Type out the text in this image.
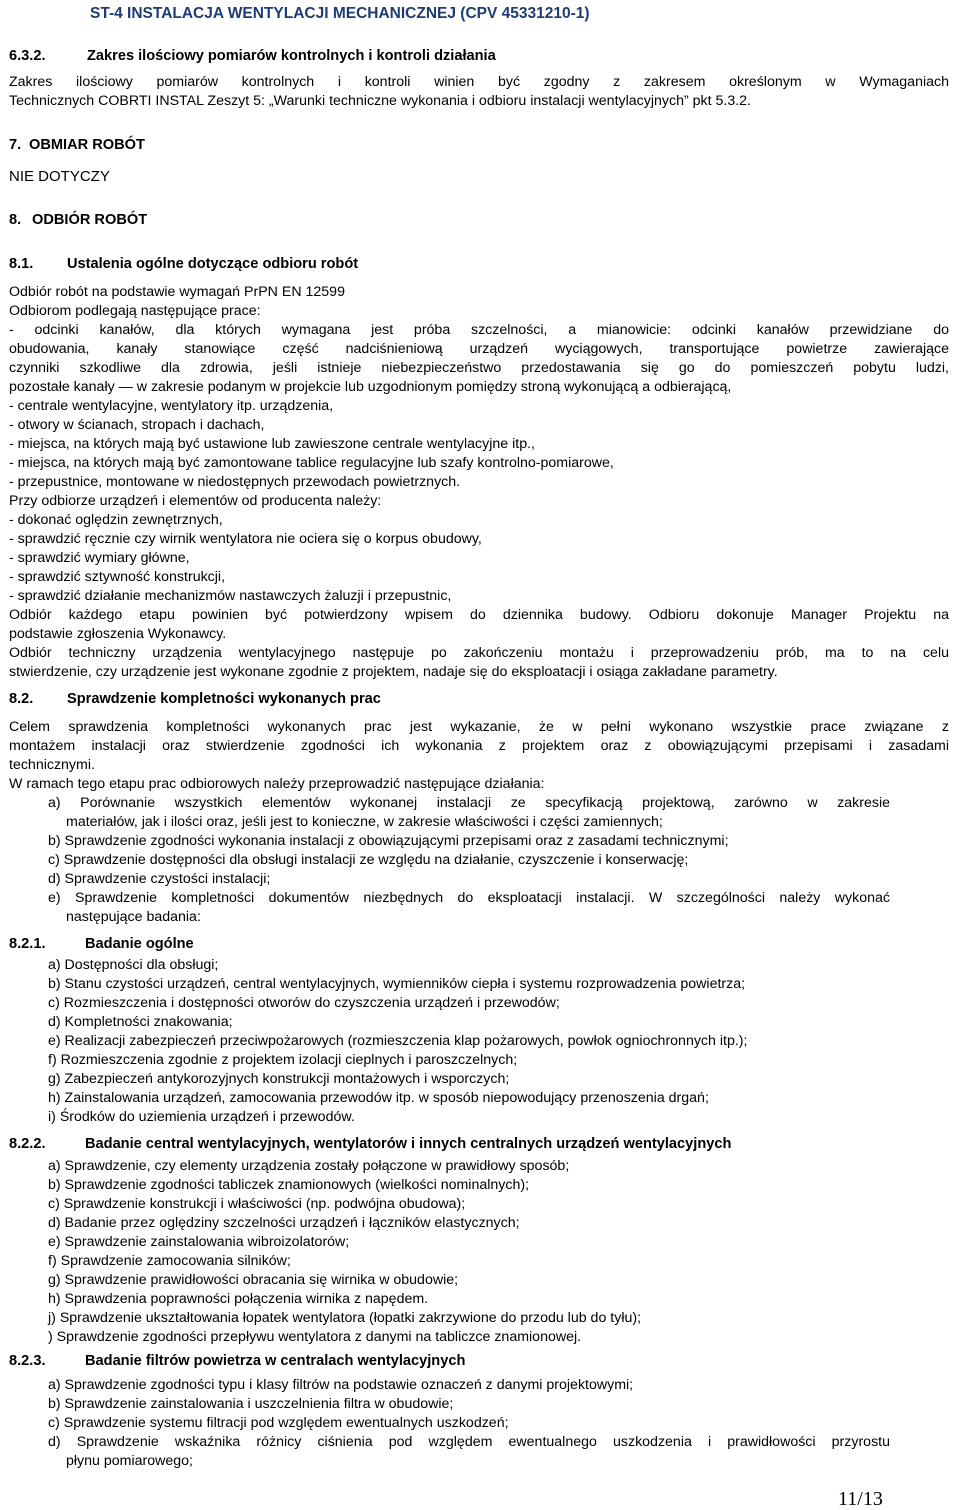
ST-4 INSTALACJA WENTYLACJI MECHANICZNEJ (CPV 45331210-1)
6.3.2.	Zakres ilościowy pomiarów kontrolnych i kontroli działania
Zakres ilościowy pomiarów kontrolnych i kontroli winien być zgodny z zakresem określonym w Wymaganiach
Technicznych COBRTI INSTAL Zeszyt 5: „Warunki techniczne wykonania i odbioru instalacji wentylacyjnych” pkt 5.3.2.
7. OBMIAR ROBÓT
NIE DOTYCZY
8. ODBIÓR ROBÓT
8.1. Ustalenia ogólne dotyczące odbioru robót
Odbiór robót na podstawie wymagań PrPN EN 12599
Odbiorom podlegają następujące prace:
- odcinki kanałów, dla których wymagana jest próba szczelności, a mianowicie: odcinki kanałów przewidziane do
obudowania, kanały stanowiące część nadciśnieniową urządzeń wyciągowych, transportujące powietrze zawierające
czynniki szkodliwe dla zdrowia, jeśli istnieje niebezpieczeństwo przedostawania się go do pomieszczeń pobytu ludzi,
pozostałe kanały — w zakresie podanym w projekcie lub uzgodnionym pomiędzy stroną wykonującą a odbierającą,
- centrale wentylacyjne, wentylatory itp. urządzenia,
- otwory w ścianach, stropach i dachach,
- miejsca, na których mają być ustawione lub zawieszone centrale wentylacyjne itp.,
- miejsca, na których mają być zamontowane tablice regulacyjne lub szafy kontrolno-pomiarowe,
- przepustnice, montowane w niedostępnych przewodach powietrznych.
Przy odbiorze urządzeń i elementów od producenta należy:
- dokonać oględzin zewnętrznych,
- sprawdzić ręcznie czy wirnik wentylatora nie ociera się o korpus obudowy,
- sprawdzić wymiary główne,
- sprawdzić sztywność konstrukcji,
- sprawdzić działanie mechanizmów nastawczych żaluzji i przepustnic,
Odbiór każdego etapu powinien być potwierdzony wpisem do dziennika budowy. Odbioru dokonuje Manager Projektu na
podstawie zgłoszenia Wykonawcy.
Odbiór techniczny urządzenia wentylacyjnego następuje po zakończeniu montażu i przeprowadzeniu prób, ma to na celu
stwierdzenie, czy urządzenie jest wykonane zgodnie z projektem, nadaje się do eksploatacji i osiąga zakładane parametry.
8.2. Sprawdzenie kompletności wykonanych prac
Celem sprawdzenia kompletności wykonanych prac jest wykazanie, że w pełni wykonano wszystkie prace związane z
montażem instalacji oraz stwierdzenie zgodności ich wykonania z projektem oraz z obowiązującymi przepisami i zasadami
technicznymi.
W ramach tego etapu prac odbiorowych należy przeprowadzić następujące działania:
a) Porównanie wszystkich elementów wykonanej instalacji ze specyfikacją projektową, zarówno w zakresie
materiałów, jak i ilości oraz, jeśli jest to konieczne, w zakresie właściwości i części zamiennych;
b) Sprawdzenie zgodności wykonania instalacji z obowiązującymi przepisami oraz z zasadami technicznymi;
c) Sprawdzenie dostępności dla obsługi instalacji ze względu na działanie, czyszczenie i konserwację;
d) Sprawdzenie czystości instalacji;
e) Sprawdzenie kompletności dokumentów niezbędnych do eksploatacji instalacji. W szczególności należy wykonać
następujące badania:
8.2.1.	Badanie ogólne
a) Dostępności dla obsługi;
b) Stanu czystości urządzeń, central wentylacyjnych, wymienników ciepła i systemu rozprowadzenia powietrza;
c) Rozmieszczenia i dostępności otworów do czyszczenia urządzeń i przewodów;
d) Kompletności znakowania;
e) Realizacji zabezpieczeń przeciwpożarowych (rozmieszczenia klap pożarowych, powłok ogniochronnych itp.);
f) Rozmieszczenia zgodnie z projektem izolacji cieplnych i paroszczelnych;
g) Zabezpieczeń antykorozyjnych konstrukcji montażowych i wsporczych;
h) Zainstalowania urządzeń, zamocowania przewodów itp. w sposób niepowodujący przenoszenia drgań;
i) Środków do uziemienia urządzeń i przewodów.
8.2.2.	Badanie central wentylacyjnych, wentylatorów i innych centralnych urządzeń wentylacyjnych
a) Sprawdzenie, czy elementy urządzenia zostały połączone w prawidłowy sposób;
b) Sprawdzenie zgodności tabliczek znamionowych (wielkości nominalnych);
c) Sprawdzenie konstrukcji i właściwości (np. podwójna obudowa);
d) Badanie przez oględziny szczelności urządzeń i łączników elastycznych;
e) Sprawdzenie zainstalowania wibroizolatorów;
f) Sprawdzenie zamocowania silników;
g) Sprawdzenie prawidłowości obracania się wirnika w obudowie;
h) Sprawdzenia poprawności połączenia wirnika z napędem.
j) Sprawdzenie ukształtowania łopatek wentylatora (łopatki zakrzywione do przodu lub do tyłu);
) Sprawdzenie zgodności przepływu wentylatora z danymi na tabliczce znamionowej.
8.2.3.	Badanie filtrów powietrza w centralach wentylacyjnych
a) Sprawdzenie zgodności typu i klasy filtrów na podstawie oznaczeń z danymi projektowymi;
b) Sprawdzenie zainstalowania i uszczelnienia filtra w obudowie;
c) Sprawdzenie systemu filtracji pod względem ewentualnych uszkodzeń;
d) Sprawdzenie wskaźnika różnicy ciśnienia pod względem ewentualnego uszkodzenia i prawidłowości przyrostu
płynu pomiarowego;
11/13
